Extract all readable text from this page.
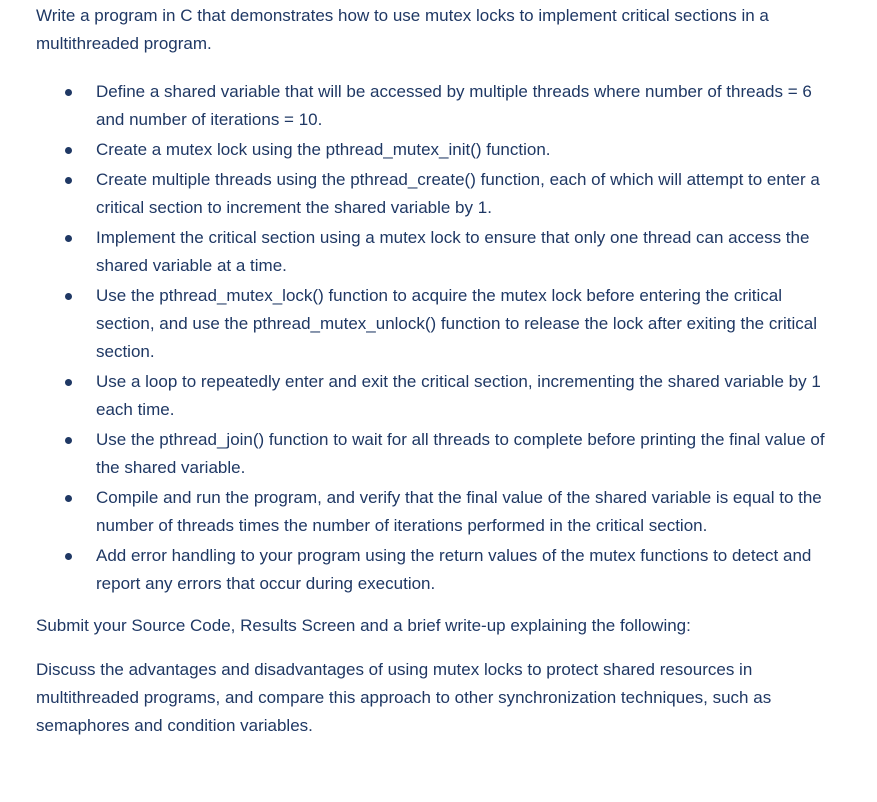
Write a program in C that demonstrates how to use mutex locks to implement critical sections in a multithreaded program.

Define a shared variable that will be accessed by multiple threads where number of threads = 6 and number of iterations = 10.
Create a mutex lock using the pthread_mutex_init() function.
Create multiple threads using the pthread_create() function, each of which will attempt to enter a critical section to increment the shared variable by 1.
Implement the critical section using a mutex lock to ensure that only one thread can access the shared variable at a time.
Use the pthread_mutex_lock() function to acquire the mutex lock before entering the critical section, and use the pthread_mutex_unlock() function to release the lock after exiting the critical section.
Use a loop to repeatedly enter and exit the critical section, incrementing the shared variable by 1 each time.
Use the pthread_join() function to wait for all threads to complete before printing the final value of the shared variable.
Compile and run the program, and verify that the final value of the shared variable is equal to the number of threads times the number of iterations performed in the critical section.
Add error handling to your program using the return values of the mutex functions to detect and report any errors that occur during execution.

Submit your Source Code, Results Screen and a brief write-up explaining the following:

Discuss the advantages and disadvantages of using mutex locks to protect shared resources in multithreaded programs, and compare this approach to other synchronization techniques, such as semaphores and condition variables.
